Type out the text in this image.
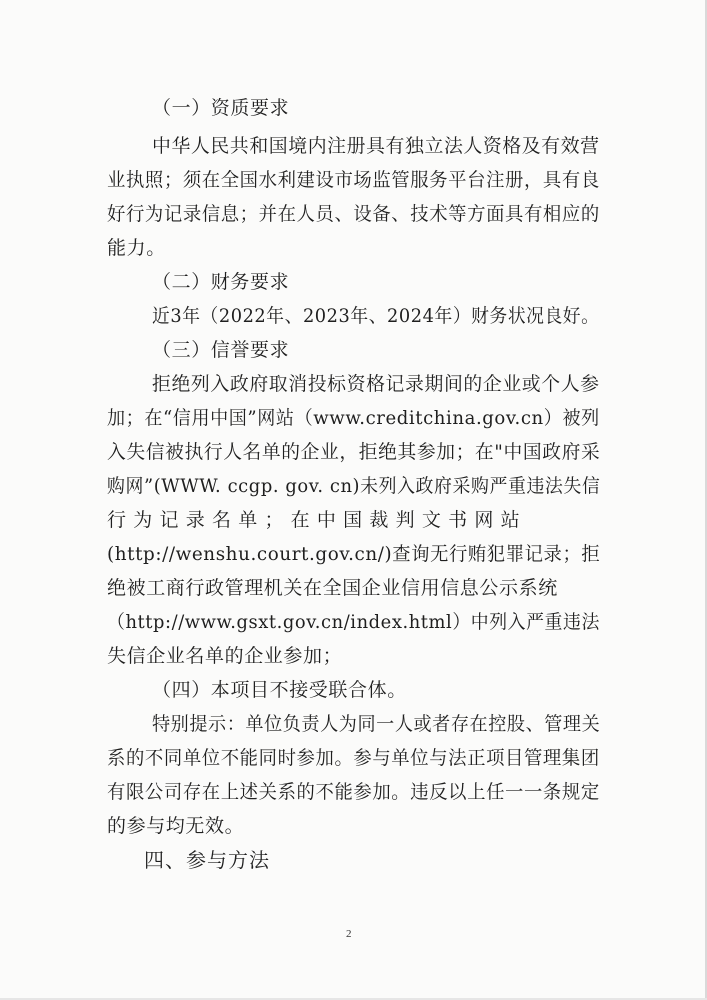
（一）资质要求
中华人民共和国境内注册具有独立法人资格及有效营
业执照；须在全国水利建设市场监管服务平台注册，具有良
好行为记录信息；并在人员、设备、技术等方面具有相应的
能力。
（二）财务要求
近3年（2022年、2023年、2024年）财务状况良好。
（三）信誉要求
拒绝列入政府取消投标资格记录期间的企业或个人参
加；在“信用中国”网站（www.creditchina.gov.cn）被列
入失信被执行人名单的企业，拒绝其参加；在"中国政府采
购网”(WWW. ccgp. gov. cn)未列入政府采购严重违法失信
行 为 记 录 名 单 ； 在 中 国 裁 判 文 书 网 站
(http://wenshu.court.gov.cn/)查询无行贿犯罪记录；拒
绝被工商行政管理机关在全国企业信用信息公示系统
（http://www.gsxt.gov.cn/index.html）中列入严重违法
失信企业名单的企业参加；
（四）本项目不接受联合体。
特别提示：单位负责人为同一人或者存在控股、管理关
系的不同单位不能同时参加。参与单位与法正项目管理集团
有限公司存在上述关系的不能参加。违反以上任一一条规定
的参与均无效。
四、参与方法
2
